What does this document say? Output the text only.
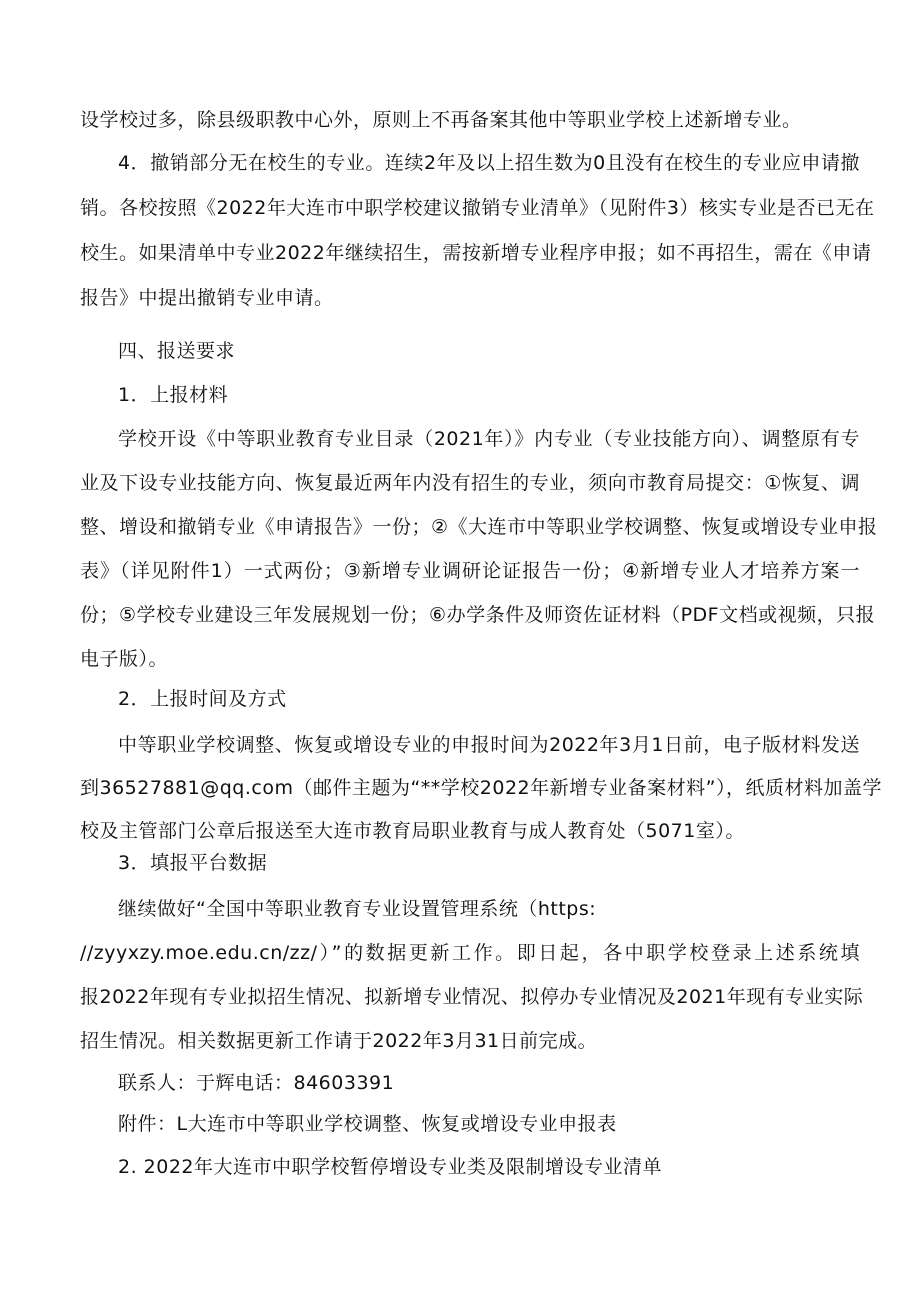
设学校过多，除县级职教中心外，原则上不再备案其他中等职业学校上述新增专业。
4．撤销部分无在校生的专业。连续2年及以上招生数为0且没有在校生的专业应申请撤
销。各校按照《2022年大连市中职学校建议撤销专业清单》（见附件3）核实专业是否已无在
校生。如果清单中专业2022年继续招生，需按新增专业程序申报；如不再招生，需在《申请
报告》中提出撤销专业申请。
四、报送要求
1．上报材料
学校开设《中等职业教育专业目录（2021年）》内专业（专业技能方向）、调整原有专
业及下设专业技能方向、恢复最近两年内没有招生的专业，须向市教育局提交：①恢复、调
整、增设和撤销专业《申请报告》一份；②《大连市中等职业学校调整、恢复或增设专业申报
表》（详见附件1）一式两份；③新增专业调研论证报告一份；④新增专业人才培养方案一
份；⑤学校专业建设三年发展规划一份；⑥办学条件及师资佐证材料（PDF文档或视频，只报
电子版）。
2．上报时间及方式
中等职业学校调整、恢复或增设专业的申报时间为2022年3月1日前，电子版材料发送
到36527881@qq.com（邮件主题为“**学校2022年新增专业备案材料”），纸质材料加盖学
校及主管部门公章后报送至大连市教育局职业教育与成人教育处（5071室）。
3．填报平台数据
继续做好“全国中等职业教育专业设置管理系统（https:
//zyyxzy.moe.edu.cn/zz/）”的数据更新工作。即日起，各中职学校登录上述系统填
报2022年现有专业拟招生情况、拟新增专业情况、拟停办专业情况及2021年现有专业实际
招生情况。相关数据更新工作请于2022年3月31日前完成。
联系人：于辉电话：84603391
附件：L大连市中等职业学校调整、恢复或增设专业申报表
2. 2022年大连市中职学校暂停增设专业类及限制增设专业清单
